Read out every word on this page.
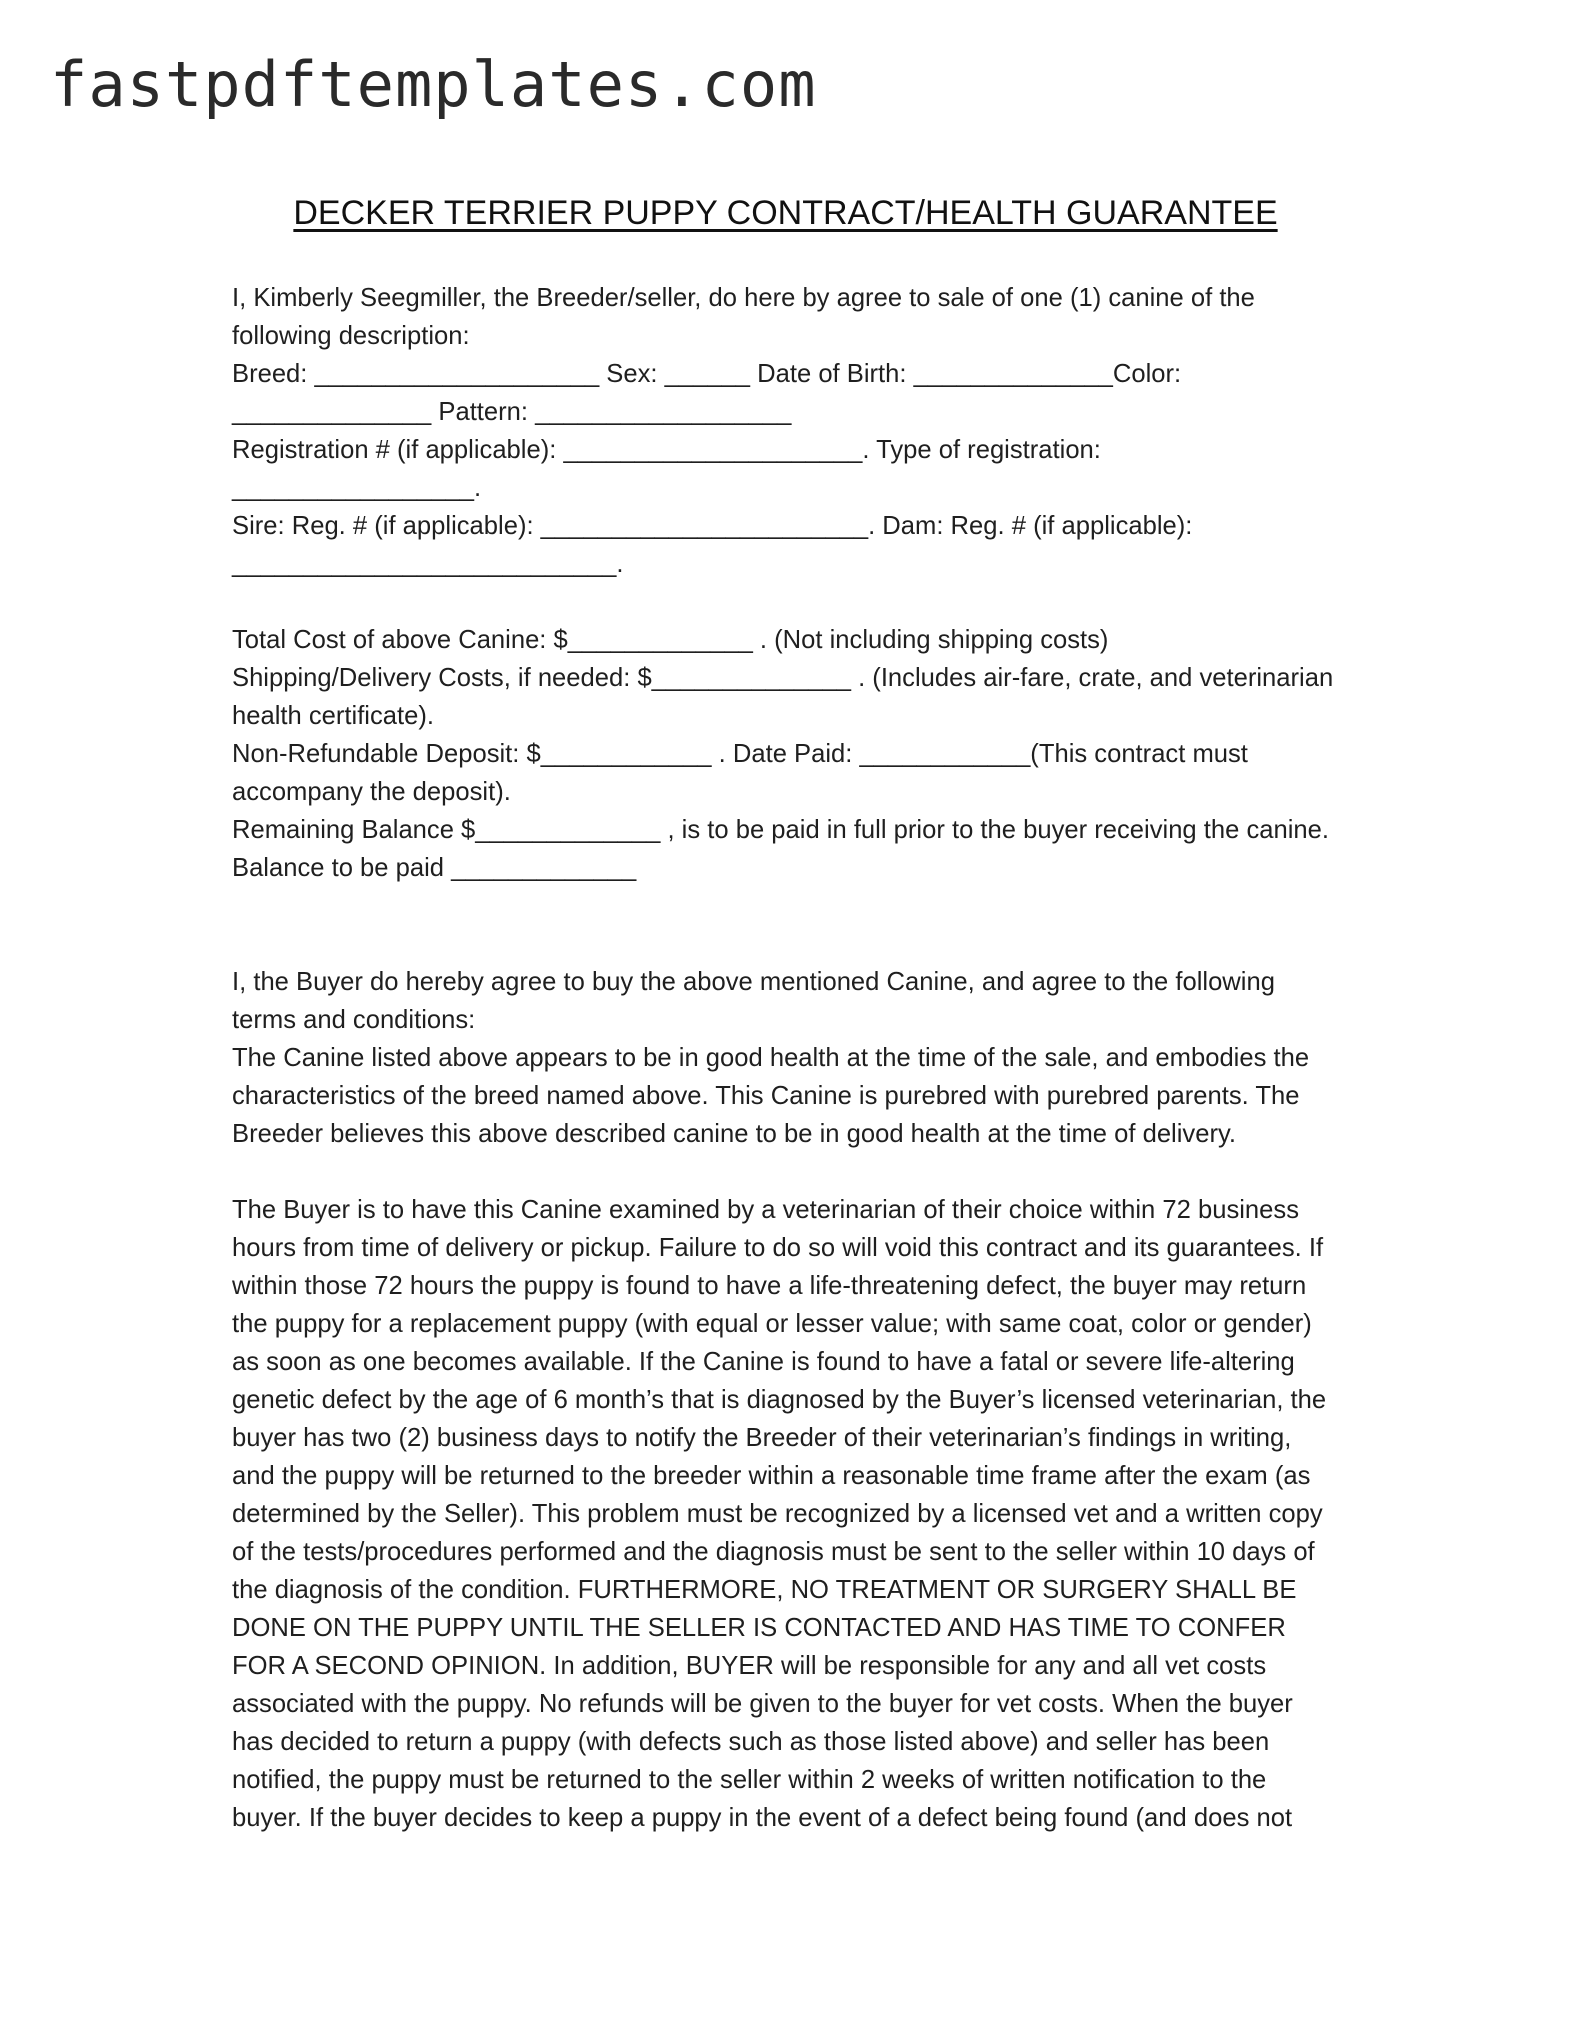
fastpdftemplates.com
DECKER TERRIER PUPPY CONTRACT/HEALTH GUARANTEE
I, Kimberly Seegmiller, the Breeder/seller, do here by agree to sale of one (1) canine of the
following description:
Breed: ____________________ Sex: ______ Date of Birth: ______________Color:
______________ Pattern: __________________
Registration # (if applicable): _____________________. Type of registration:
_________________.
Sire: Reg. # (if applicable): _______________________. Dam: Reg. # (if applicable):
___________________________.
Total Cost of above Canine: $_____________ . (Not including shipping costs)
Shipping/Delivery Costs, if needed: $______________ . (Includes air-fare, crate, and veterinarian
health certificate).
Non-Refundable Deposit: $____________ . Date Paid: ____________(This contract must
accompany the deposit).
Remaining Balance $_____________ , is to be paid in full prior to the buyer receiving the canine.
Balance to be paid _____________
I, the Buyer do hereby agree to buy the above mentioned Canine, and agree to the following
terms and conditions:
The Canine listed above appears to be in good health at the time of the sale, and embodies the
characteristics of the breed named above. This Canine is purebred with purebred parents. The
Breeder believes this above described canine to be in good health at the time of delivery.
The Buyer is to have this Canine examined by a veterinarian of their choice within 72 business
hours from time of delivery or pickup. Failure to do so will void this contract and its guarantees. If
within those 72 hours the puppy is found to have a life-threatening defect, the buyer may return
the puppy for a replacement puppy (with equal or lesser value; with same coat, color or gender)
as soon as one becomes available. If the Canine is found to have a fatal or severe life-altering
genetic defect by the age of 6 month’s that is diagnosed by the Buyer’s licensed veterinarian, the
buyer has two (2) business days to notify the Breeder of their veterinarian’s findings in writing,
and the puppy will be returned to the breeder within a reasonable time frame after the exam (as
determined by the Seller). This problem must be recognized by a licensed vet and a written copy
of the tests/procedures performed and the diagnosis must be sent to the seller within 10 days of
the diagnosis of the condition. FURTHERMORE, NO TREATMENT OR SURGERY SHALL BE
DONE ON THE PUPPY UNTIL THE SELLER IS CONTACTED AND HAS TIME TO CONFER
FOR A SECOND OPINION. In addition, BUYER will be responsible for any and all vet costs
associated with the puppy. No refunds will be given to the buyer for vet costs. When the buyer
has decided to return a puppy (with defects such as those listed above) and seller has been
notified, the puppy must be returned to the seller within 2 weeks of written notification to the
buyer. If the buyer decides to keep a puppy in the event of a defect being found (and does not
